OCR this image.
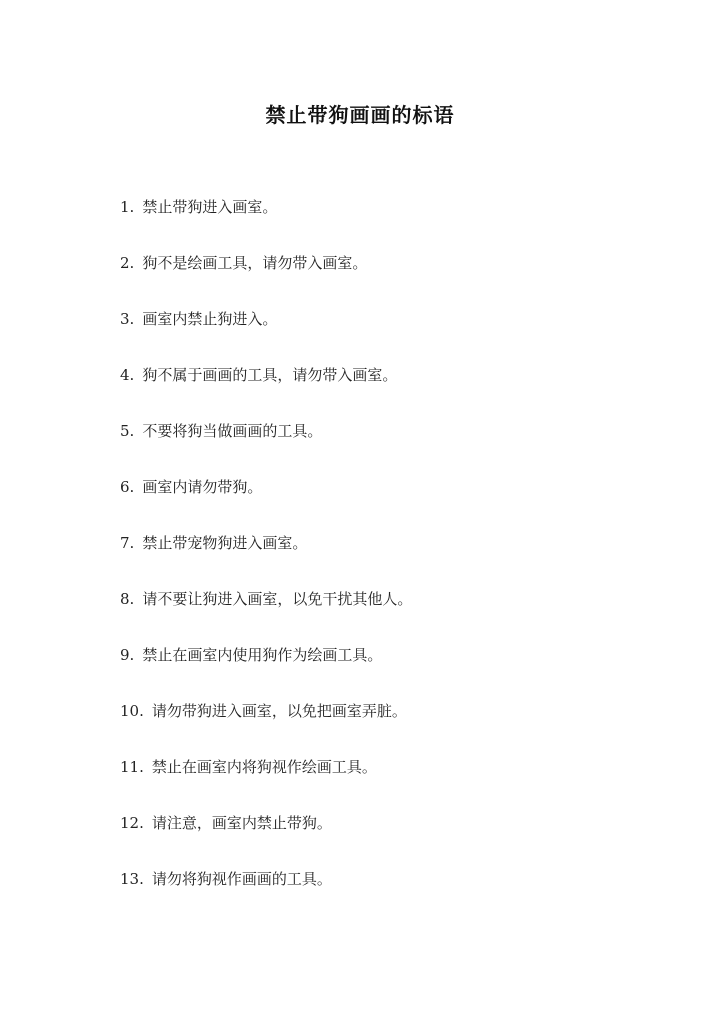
禁止带狗画画的标语
1. 禁止带狗进入画室。
2. 狗不是绘画工具，请勿带入画室。
3. 画室内禁止狗进入。
4. 狗不属于画画的工具，请勿带入画室。
5. 不要将狗当做画画的工具。
6. 画室内请勿带狗。
7. 禁止带宠物狗进入画室。
8. 请不要让狗进入画室，以免干扰其他人。
9. 禁止在画室内使用狗作为绘画工具。
10. 请勿带狗进入画室，以免把画室弄脏。
11. 禁止在画室内将狗视作绘画工具。
12. 请注意，画室内禁止带狗。
13. 请勿将狗视作画画的工具。
